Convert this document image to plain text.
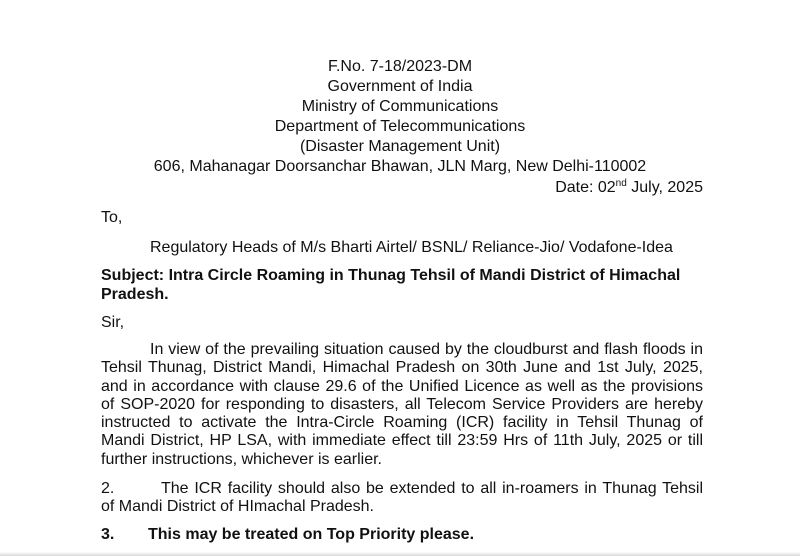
F.No. 7-18/2023-DM
Government of India
Ministry of Communications
Department of Telecommunications
(Disaster Management Unit)
606, Mahanagar Doorsanchar Bhawan, JLN Marg, New Delhi-110002
Date: 02nd July, 2025
To,
Regulatory Heads of M/s Bharti Airtel/ BSNL/ Reliance-Jio/ Vodafone-Idea
Subject: Intra Circle Roaming in Thunag Tehsil of Mandi District of Himachal Pradesh.
Sir,
In view of the prevailing situation caused by the cloudburst and flash floods in Tehsil Thunag, District Mandi, Himachal Pradesh on 30th June and 1st July, 2025, and in accordance with clause 29.6 of the Unified Licence as well as the provisions of SOP-2020 for responding to disasters, all Telecom Service Providers are hereby instructed to activate the Intra-Circle Roaming (ICR) facility in Tehsil Thunag of Mandi District, HP LSA, with immediate effect till 23:59 Hrs of 11th July, 2025 or till further instructions, whichever is earlier.
2.	The ICR facility should also be extended to all in-roamers in Thunag Tehsil of Mandi District of HImachal Pradesh.
3. This may be treated on Top Priority please.
